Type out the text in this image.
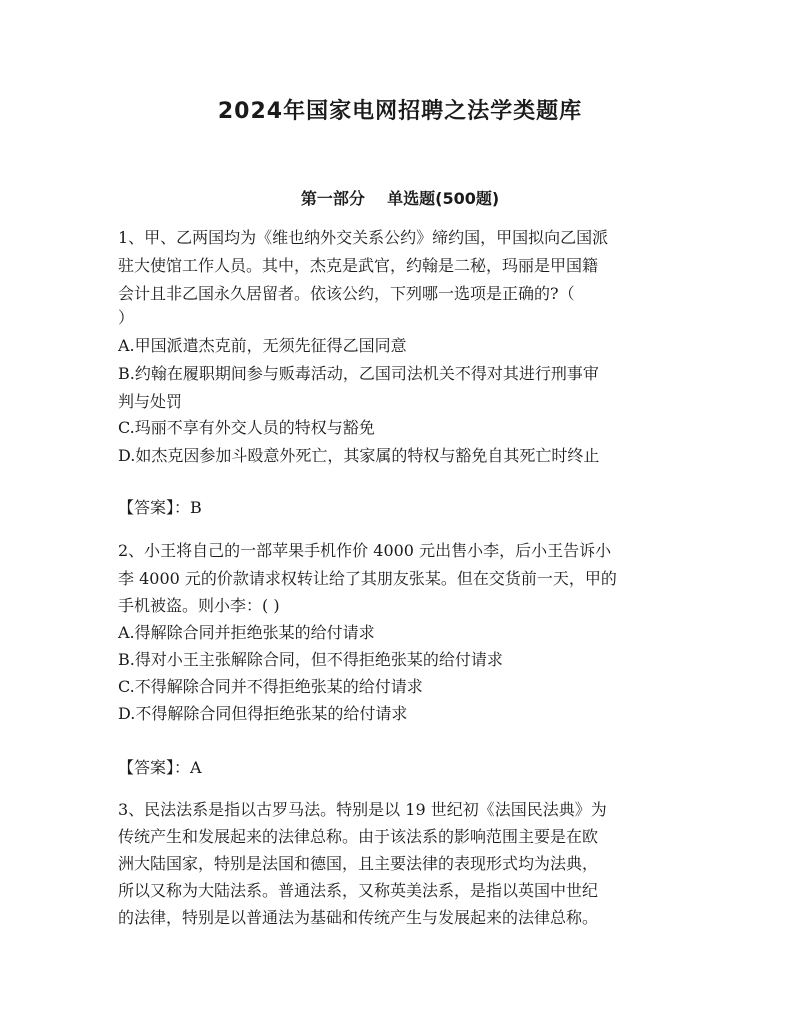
2024年国家电网招聘之法学类题库
第一部分    单选题(500题)
1、甲、乙两国均为《维也纳外交关系公约》缔约国，甲国拟向乙国派
驻大使馆工作人员。其中，杰克是武官，约翰是二秘，玛丽是甲国籍
会计且非乙国永久居留者。依该公约，下列哪一选项是正确的?（
）
A.甲国派遣杰克前，无须先征得乙国同意
B.约翰在履职期间参与贩毒活动，乙国司法机关不得对其进行刑事审
判与处罚
C.玛丽不享有外交人员的特权与豁免
D.如杰克因参加斗殴意外死亡，其家属的特权与豁免自其死亡时终止
【答案】：B
2、小王将自己的一部苹果手机作价 4000 元出售小李，后小王告诉小
李 4000 元的价款请求权转让给了其朋友张某。但在交货前一天，甲的
手机被盗。则小李：( )
A.得解除合同并拒绝张某的给付请求
B.得对小王主张解除合同，但不得拒绝张某的给付请求
C.不得解除合同并不得拒绝张某的给付请求
D.不得解除合同但得拒绝张某的给付请求
【答案】：A
3、民法法系是指以古罗马法。特别是以 19 世纪初《法国民法典》为
传统产生和发展起来的法律总称。由于该法系的影响范围主要是在欧
洲大陆国家，特别是法国和德国，且主要法律的表现形式均为法典，
所以又称为大陆法系。普通法系，又称英美法系，是指以英国中世纪
的法律，特别是以普通法为基础和传统产生与发展起来的法律总称。
